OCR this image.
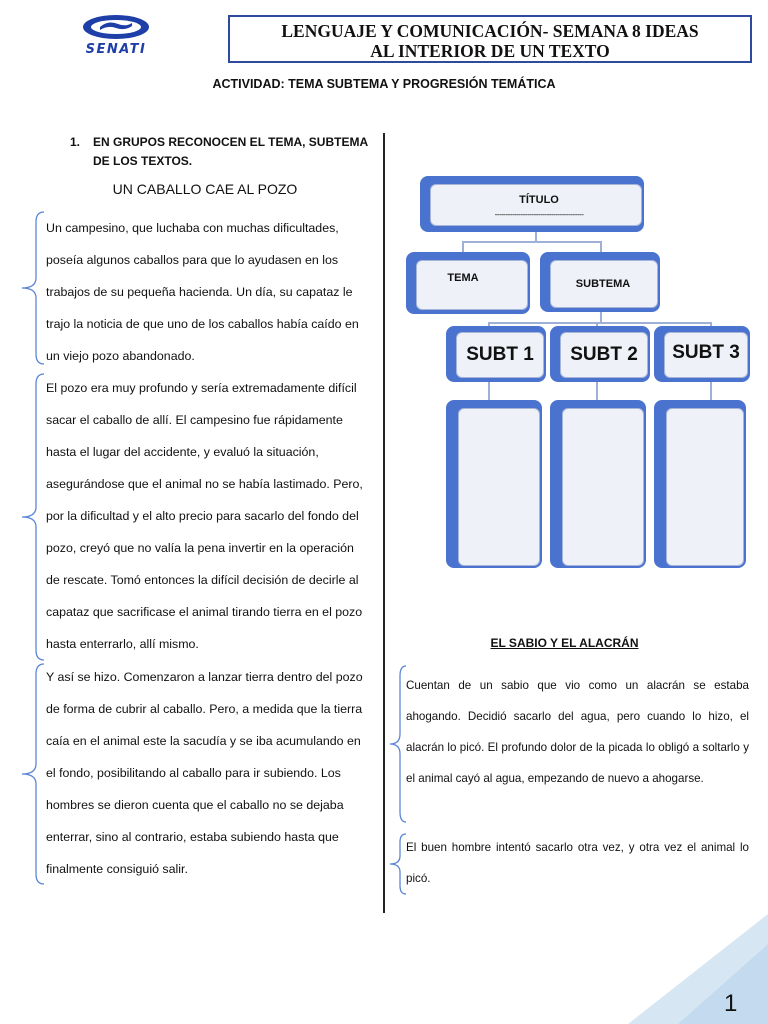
SENATI
LENGUAJE Y COMUNICACIÓN- SEMANA 8 IDEAS
AL INTERIOR DE UN TEXTO
ACTIVIDAD: TEMA SUBTEMA Y PROGRESIÓN TEMÁTICA
1.	EN GRUPOS RECONOCEN EL TEMA, SUBTEMA DE LOS TEXTOS.
UN CABALLO CAE AL POZO
Un campesino, que luchaba con muchas dificultades, poseía algunos caballos para que lo ayudasen en los trabajos de su pequeña hacienda. Un día, su capataz le trajo la noticia de que uno de los caballos había caído en un viejo pozo abandonado.
El pozo era muy profundo y sería extremadamente difícil sacar el caballo de allí. El campesino fue rápidamente hasta el lugar del accidente, y evaluó la situación, asegurándose que el animal no se había lastimado. Pero, por la dificultad y el alto precio para sacarlo del fondo del pozo, creyó que no valía la pena invertir en la operación de rescate. Tomó entonces la difícil decisión de decirle al capataz que sacrificase el animal tirando tierra en el pozo hasta enterrarlo, allí mismo.
Y así se hizo. Comenzaron a lanzar tierra dentro del pozo de forma de cubrir al caballo. Pero, a medida que la tierra caía en el animal este la sacudía y se iba acumulando en el fondo, posibilitando al caballo para ir subiendo. Los hombres se dieron cuenta que el caballo no se dejaba enterrar, sino al contrario, estaba subiendo hasta que finalmente consiguió salir.
TÍTULO
-----------------------------------------
TEMA	SUBTEMA
SUBT 1	SUBT 2	SUBT 3
EL SABIO Y EL ALACRÁN
Cuentan de un sabio que vio como un alacrán se estaba ahogando. Decidió sacarlo del agua, pero cuando lo hizo, el alacrán lo picó. El profundo dolor de la picada lo obligó a soltarlo y el animal cayó al agua, empezando de nuevo a ahogarse.
El buen hombre intentó sacarlo otra vez, y otra vez el animal lo picó.
1
